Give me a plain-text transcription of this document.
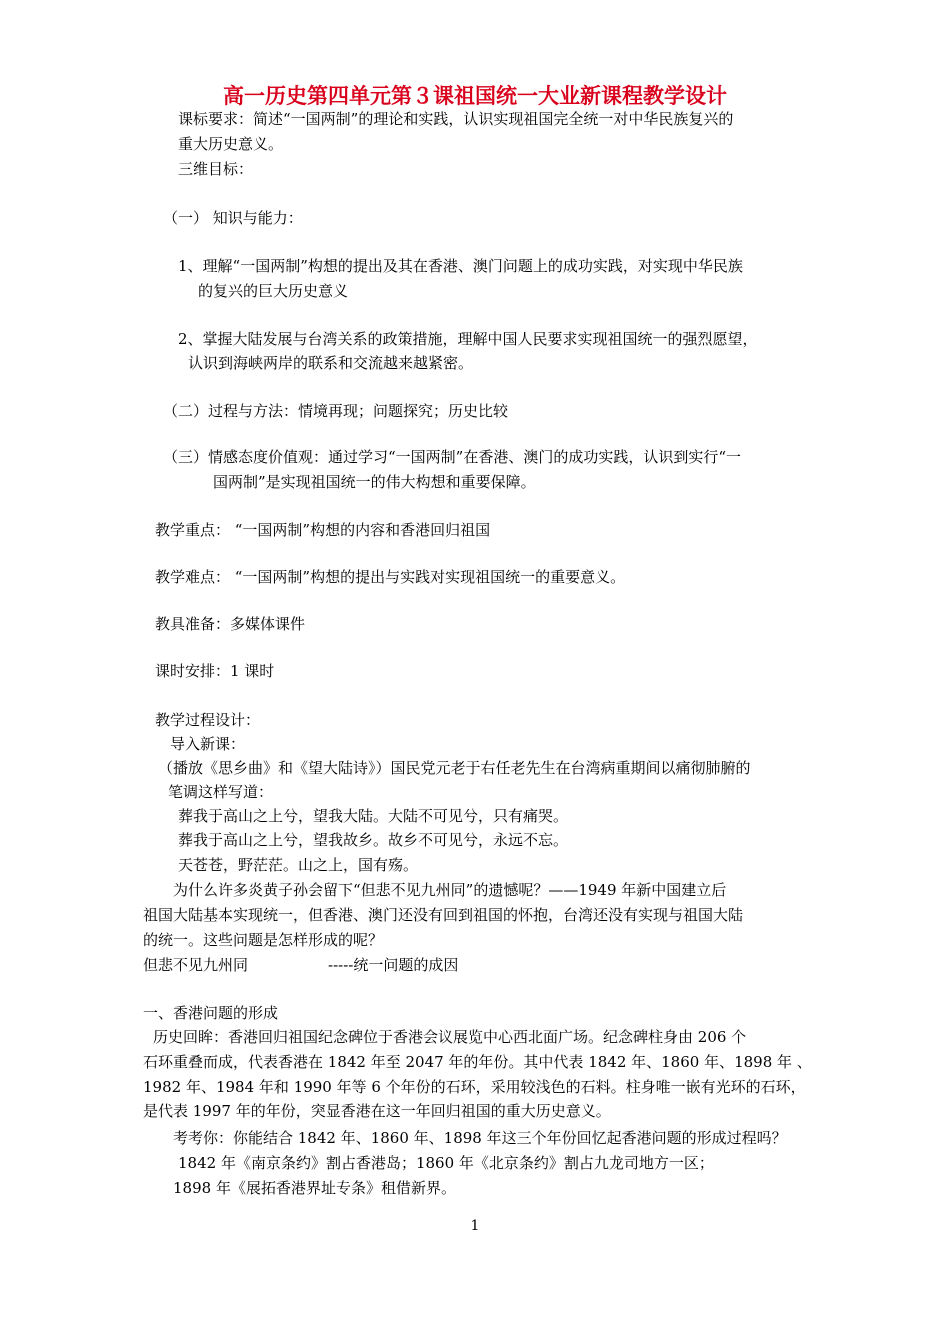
高一历史第四单元第３课祖国统一大业新课程教学设计
课标要求：简述“一国两制”的理论和实践，认识实现祖国完全统一对中华民族复兴的
重大历史意义。
三维目标：
（一） 知识与能力：
1、理解“一国两制”构想的提出及其在香港、澳门问题上的成功实践，对实现中华民族
的复兴的巨大历史意义
2、掌握大陆发展与台湾关系的政策措施，理解中国人民要求实现祖国统一的强烈愿望，
认识到海峡两岸的联系和交流越来越紧密。
（二）过程与方法：情境再现；问题探究；历史比较
（三）情感态度价值观：通过学习“一国两制”在香港、澳门的成功实践，认识到实行“一
国两制”是实现祖国统一的伟大构想和重要保障。
教学重点： “一国两制”构想的内容和香港回归祖国
教学难点： “一国两制”构想的提出与实践对实现祖国统一的重要意义。
教具准备：多媒体课件
课时安排：1 课时
教学过程设计：
导入新课：
（播放《思乡曲》和《望大陆诗》）国民党元老于右任老先生在台湾病重期间以痛彻肺腑的
笔调这样写道：
葬我于高山之上兮，望我大陆。大陆不可见兮，只有痛哭。
葬我于高山之上兮，望我故乡。故乡不可见兮，永远不忘。
天苍苍，野茫茫。山之上，国有殇。
为什么许多炎黄子孙会留下“但悲不见九州同”的遗憾呢？——1949 年新中国建立后
祖国大陆基本实现统一，但香港、澳门还没有回到祖国的怀抱，台湾还没有实现与祖国大陆
的统一。这些问题是怎样形成的呢？
但悲不见九州同	-----统一问题的成因
一、香港问题的形成
历史回眸：香港回归祖国纪念碑位于香港会议展览中心西北面广场。纪念碑柱身由 206 个
石环重叠而成，代表香港在 1842 年至 2047 年的年份。其中代表 1842 年、1860 年、1898 年 、
1982 年、1984 年和 1990 年等 6 个年份的石环，采用较浅色的石料。柱身唯一嵌有光环的石环，
是代表 1997 年的年份，突显香港在这一年回归祖国的重大历史意义。
考考你：你能结合 1842 年、1860 年、1898 年这三个年份回忆起香港问题的形成过程吗？
1842 年《南京条约》割占香港岛；1860 年《北京条约》割占九龙司地方一区；
1898 年《展拓香港界址专条》租借新界。
1
